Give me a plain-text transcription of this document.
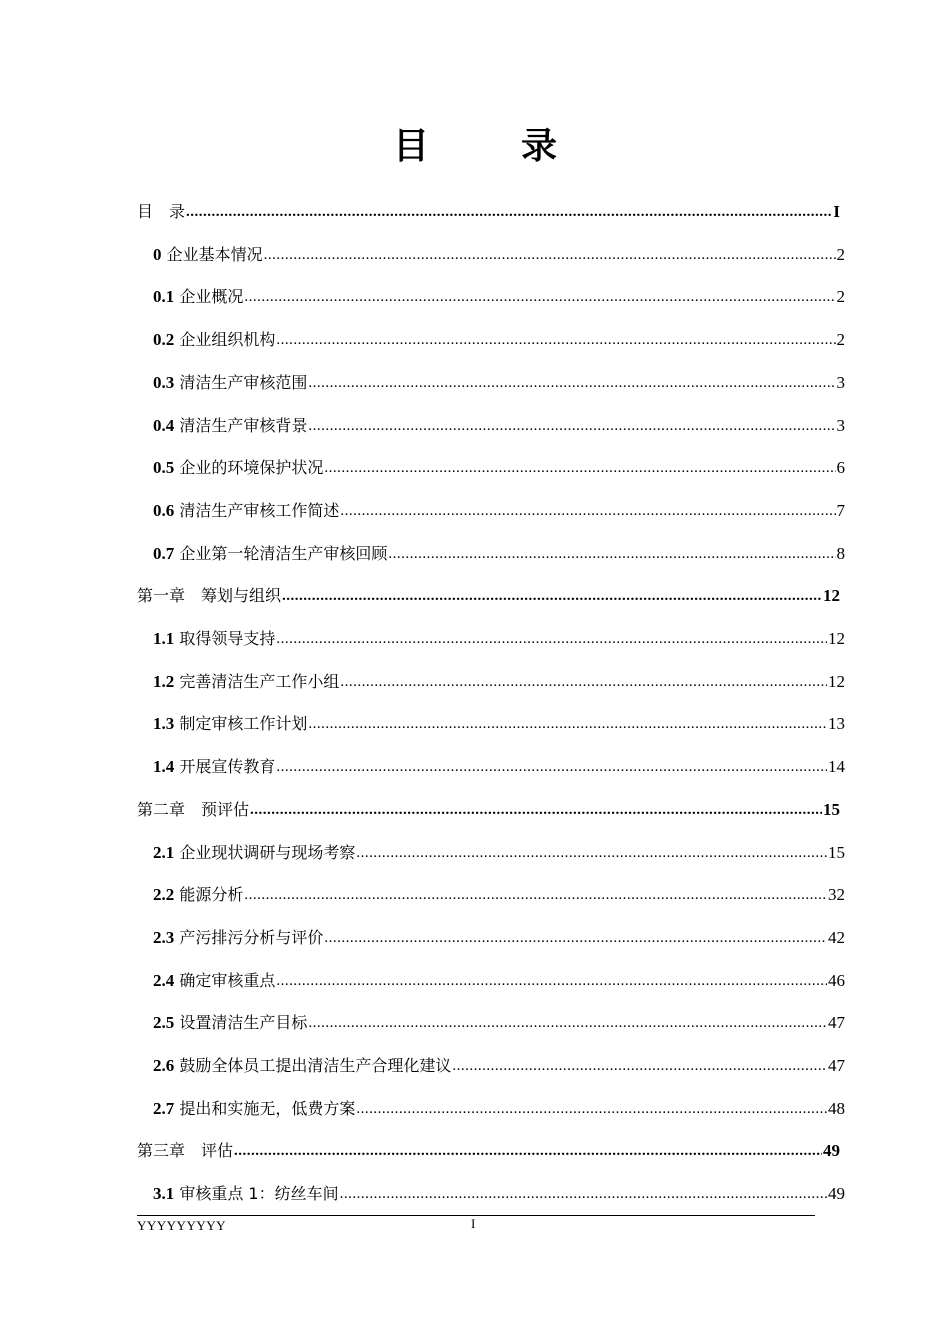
目　录
目　录 .....	I
0 企业基本情况 .....	2
0.1 企业概况 .....	2
0.2 企业组织机构 .....	2
0.3 清洁生产审核范围 .....	3
0.4 清洁生产审核背景 .....	3
0.5 企业的环境保护状况 .....	6
0.6 清洁生产审核工作简述 .....	7
0.7 企业第一轮清洁生产审核回顾 .....	8
第一章　筹划与组织 .....	12
1.1 取得领导支持 .....	12
1.2 完善清洁生产工作小组 .....	12
1.3 制定审核工作计划 .....	13
1.4 开展宣传教育 .....	14
第二章　预评估 .....	15
2.1 企业现状调研与现场考察 .....	15
2.2 能源分析 .....	32
2.3 产污排污分析与评价 .....	42
2.4 确定审核重点 .....	46
2.5 设置清洁生产目标 .....	47
2.6 鼓励全体员工提出清洁生产合理化建议 .....	47
2.7 提出和实施无，低费方案 .....	48
第三章　评估 .....	49
3.1 审核重点 1：纺丝车间 .....	49
YYYYYYYYY	I
